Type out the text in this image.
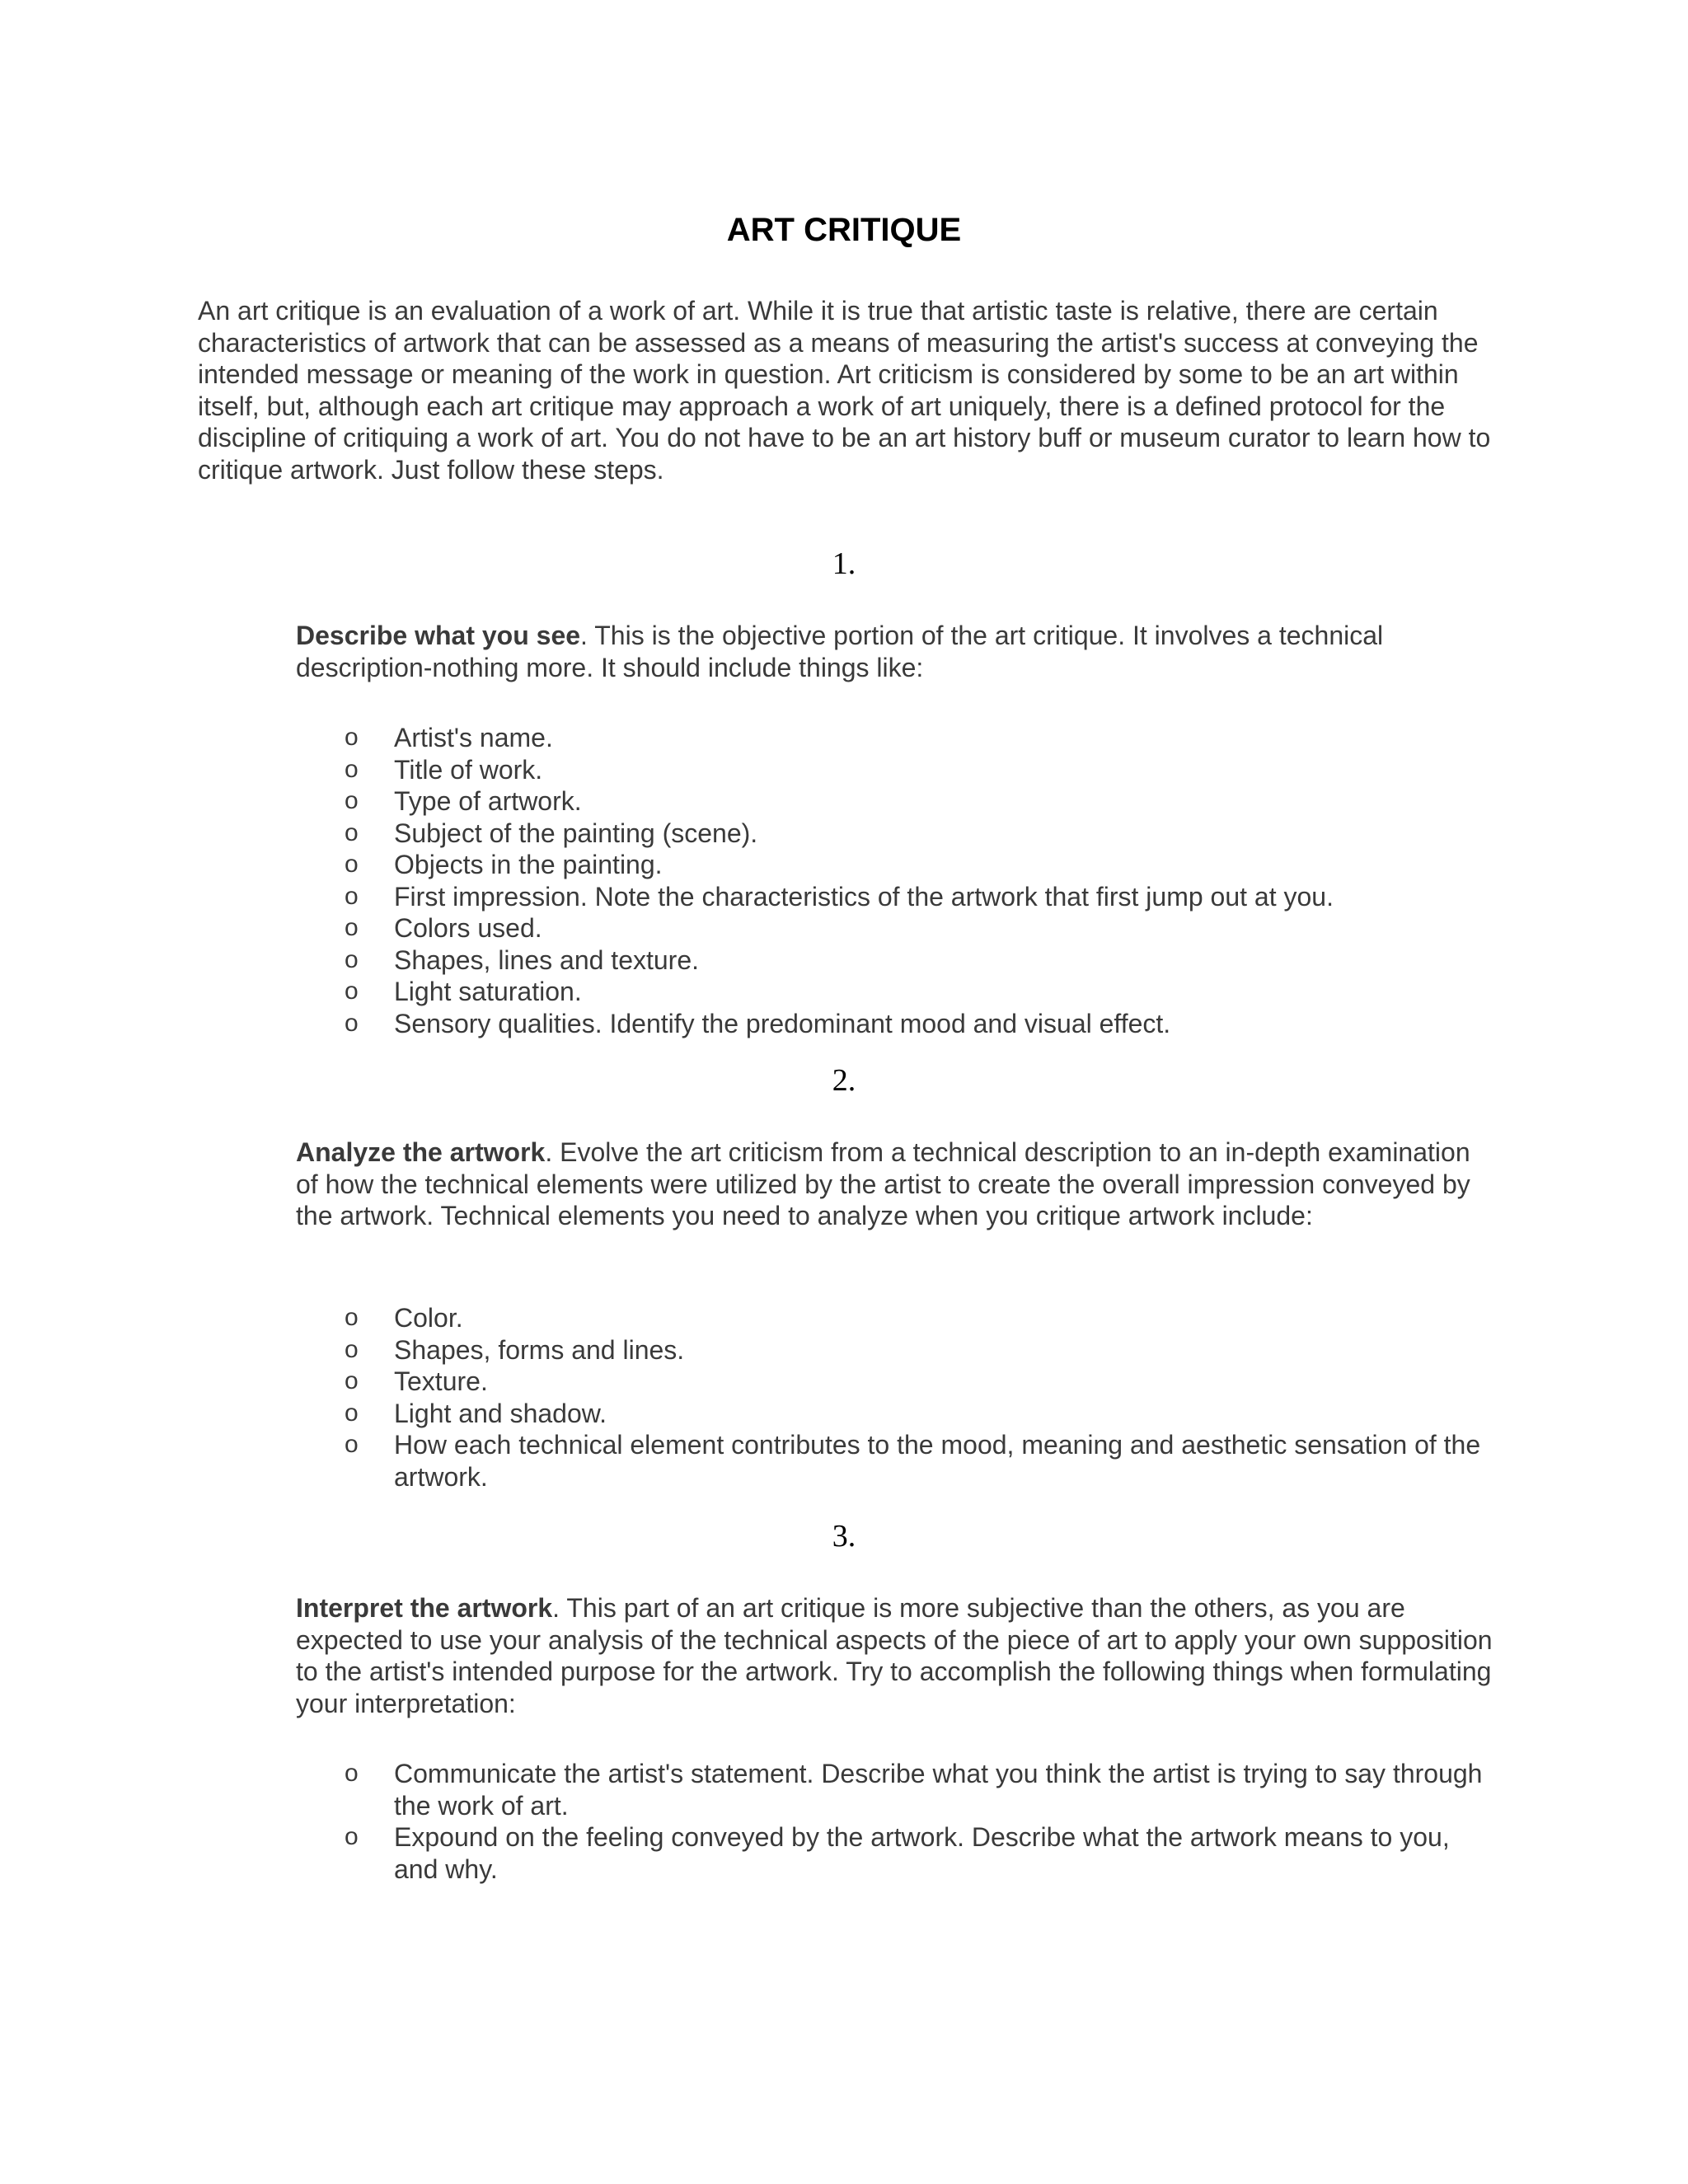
ART CRITIQUE

An art critique is an evaluation of a work of art. While it is true that artistic taste is relative, there are certain characteristics of artwork that can be assessed as a means of measuring the artist's success at conveying the intended message or meaning of the work in question. Art criticism is considered by some to be an art within itself, but, although each art critique may approach a work of art uniquely, there is a defined protocol for the discipline of critiquing a work of art. You do not have to be an art history buff or museum curator to learn how to critique artwork. Just follow these steps.

1.

Describe what you see. This is the objective portion of the art critique. It involves a technical description-nothing more. It should include things like:

o Artist's name.
o Title of work.
o Type of artwork.
o Subject of the painting (scene).
o Objects in the painting.
o First impression. Note the characteristics of the artwork that first jump out at you.
o Colors used.
o Shapes, lines and texture.
o Light saturation.
o Sensory qualities. Identify the predominant mood and visual effect.
2.

Analyze the artwork. Evolve the art criticism from a technical description to an in-depth examination of how the technical elements were utilized by the artist to create the overall impression conveyed by the artwork. Technical elements you need to analyze when you critique artwork include:

o Color.
o Shapes, forms and lines.
o Texture.
o Light and shadow.
o How each technical element contributes to the mood, meaning and aesthetic sensation of the artwork.
3.

Interpret the artwork. This part of an art critique is more subjective than the others, as you are expected to use your analysis of the technical aspects of the piece of art to apply your own supposition to the artist's intended purpose for the artwork. Try to accomplish the following things when formulating your interpretation:

o Communicate the artist's statement. Describe what you think the artist is trying to say through the work of art.
o Expound on the feeling conveyed by the artwork. Describe what the artwork means to you, and why.
